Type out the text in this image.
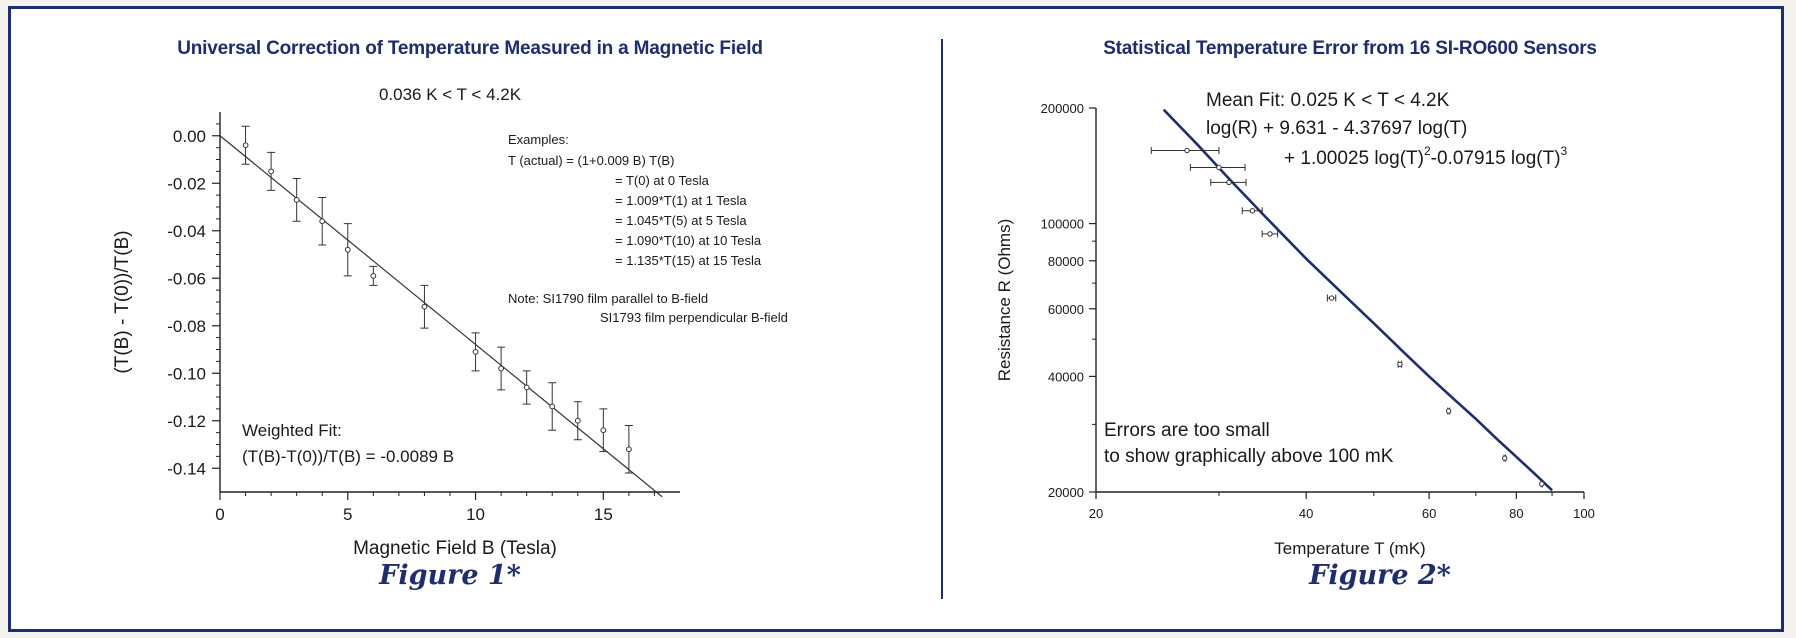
Universal Correction of Temperature Measured in a Magnetic Field	Statistical Temperature Error from 16 SI-RO600 Sensors
0.036 K < T < 4.2K
0	5	10	15
0.00
-0.02
-0.04
-0.06
-0.08
-0.10
-0.12
-0.14
Magnetic Field B (Tesla)
(T(B) - T(0))/T(B)
Examples:
T (actual) = (1+0.009 B) T(B)
= T(0) at 0 Tesla
= 1.009*T(1) at 1 Tesla
= 1.045*T(5) at 5 Tesla
= 1.090*T(10) at 10 Tesla
= 1.135*T(15) at 15 Tesla
Note: SI1790 film parallel to B-field
SI1793 film perpendicular B-field
Weighted Fit:
(T(B)-T(0))/T(B) = -0.0089 B
20	40	60	80	100
20000
40000
60000
80000
100000
200000
Temperature T (mK)
Resistance R (Ohms)
Mean Fit: 0.025 K < T < 4.2K
log(R) + 9.631 - 4.37697 log(T)
+ 1.00025 $\log(T)^2-0.07915$ $\log(T)^3$
Errors are too small
to show graphically above 100 mK
Figure 1*	Figure 2*
